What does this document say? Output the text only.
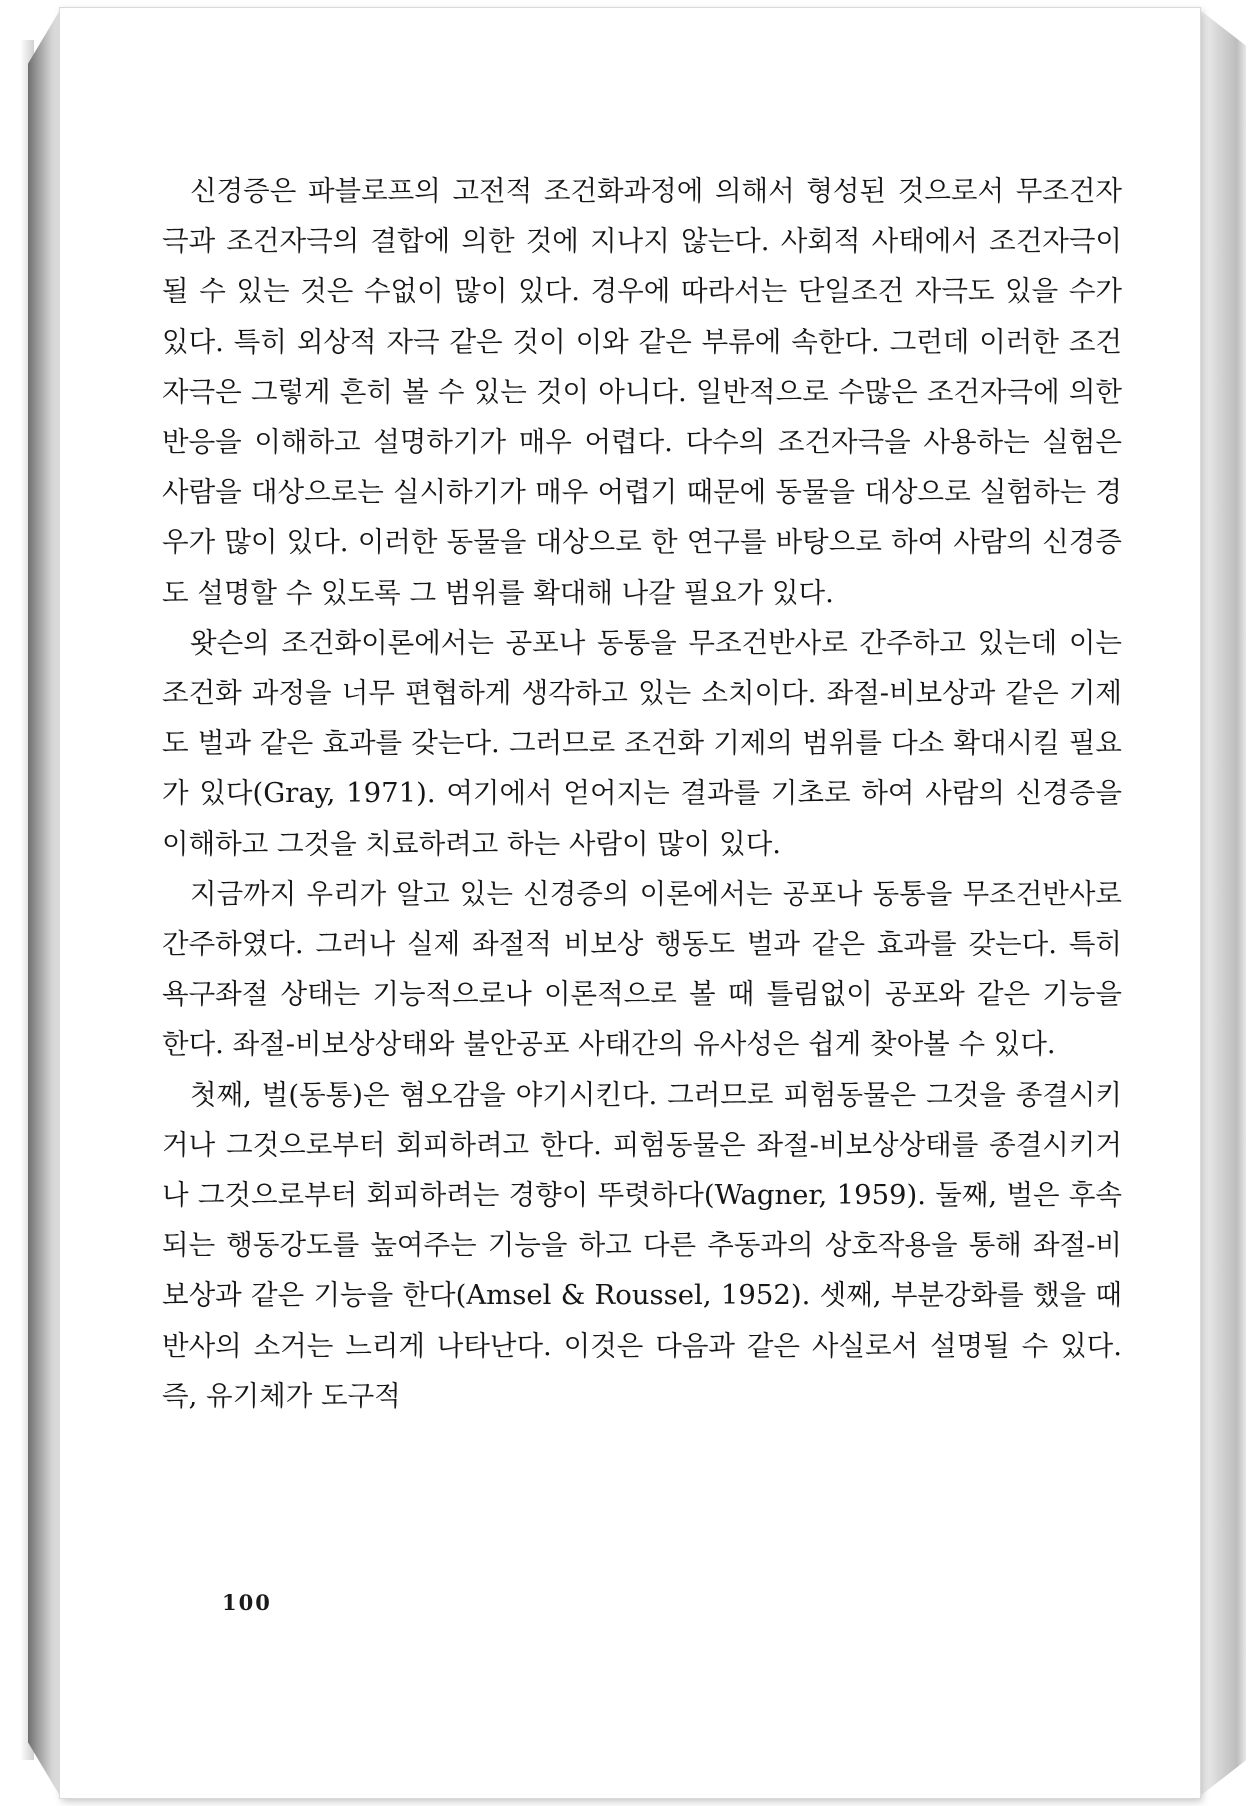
신경증은 파블로프의 고전적 조건화과정에 의해서 형성된 것으로서 무조건자극과 조건자극의 결합에 의한 것에 지나지 않는다. 사회적 사태에서 조건자극이 될 수 있는 것은 수없이 많이 있다. 경우에 따라서는 단일조건 자극도 있을 수가 있다. 특히 외상적 자극 같은 것이 이와 같은 부류에 속한다. 그런데 이러한 조건자극은 그렇게 흔히 볼 수 있는 것이 아니다. 일반적으로 수많은 조건자극에 의한 반응을 이해하고 설명하기가 매우 어렵다. 다수의 조건자극을 사용하는 실험은 사람을 대상으로는 실시하기가 매우 어렵기 때문에 동물을 대상으로 실험하는 경우가 많이 있다. 이러한 동물을 대상으로 한 연구를 바탕으로 하여 사람의 신경증도 설명할 수 있도록 그 범위를 확대해 나갈 필요가 있다.

왓슨의 조건화이론에서는 공포나 동통을 무조건반사로 간주하고 있는데 이는 조건화 과정을 너무 편협하게 생각하고 있는 소치이다. 좌절-비보상과 같은 기제도 벌과 같은 효과를 갖는다. 그러므로 조건화 기제의 범위를 다소 확대시킬 필요가 있다(Gray, 1971). 여기에서 얻어지는 결과를 기초로 하여 사람의 신경증을 이해하고 그것을 치료하려고 하는 사람이 많이 있다.

지금까지 우리가 알고 있는 신경증의 이론에서는 공포나 동통을 무조건반사로 간주하였다. 그러나 실제 좌절적 비보상 행동도 벌과 같은 효과를 갖는다. 특히 욕구좌절 상태는 기능적으로나 이론적으로 볼 때 틀림없이 공포와 같은 기능을 한다. 좌절-비보상상태와 불안공포 사태간의 유사성은 쉽게 찾아볼 수 있다.

첫째, 벌(동통)은 혐오감을 야기시킨다. 그러므로 피험동물은 그것을 종결시키거나 그것으로부터 회피하려고 한다. 피험동물은 좌절-비보상상태를 종결시키거나 그것으로부터 회피하려는 경향이 뚜렷하다(Wagner, 1959). 둘째, 벌은 후속되는 행동강도를 높여주는 기능을 하고 다른 추동과의 상호작용을 통해 좌절-비보상과 같은 기능을 한다(Amsel & Roussel, 1952). 셋째, 부분강화를 했을 때 반사의 소거는 느리게 나타난다. 이것은 다음과 같은 사실로서 설명될 수 있다. 즉, 유기체가 도구적

100
